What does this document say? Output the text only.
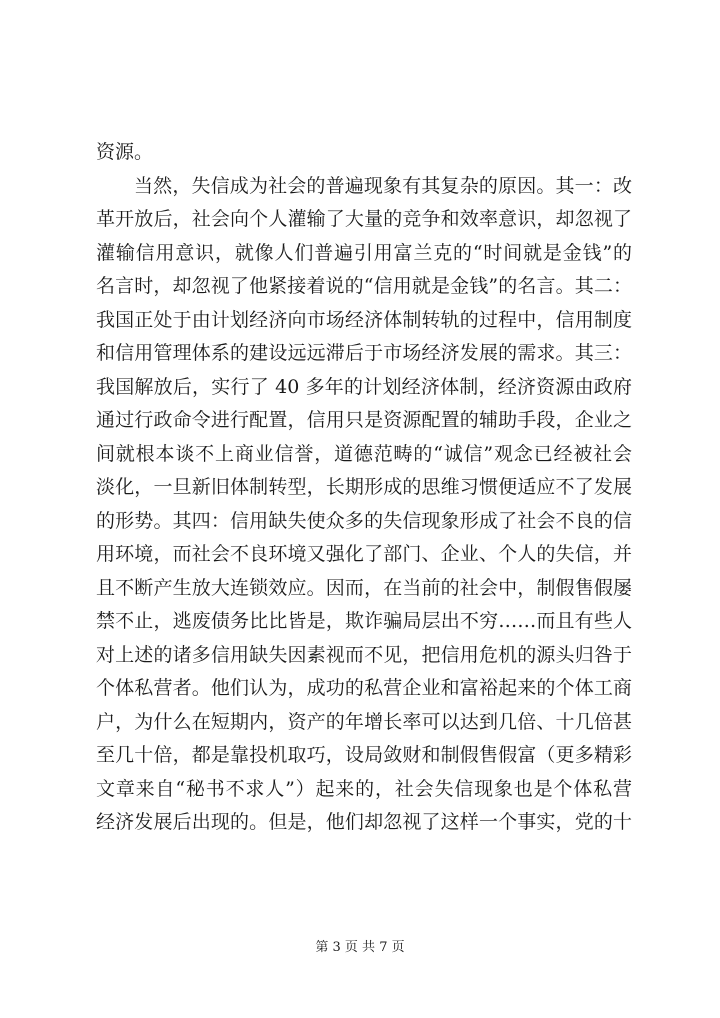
资源。
当然，失信成为社会的普遍现象有其复杂的原因。其一：改
革开放后，社会向个人灌输了大量的竞争和效率意识，却忽视了
灌输信用意识，就像人们普遍引用富兰克的“时间就是金钱”的
名言时，却忽视了他紧接着说的“信用就是金钱”的名言。其二：
我国正处于由计划经济向市场经济体制转轨的过程中，信用制度
和信用管理体系的建设远远滞后于市场经济发展的需求。其三：
我国解放后，实行了 40 多年的计划经济体制，经济资源由政府
通过行政命令进行配置，信用只是资源配置的辅助手段，企业之
间就根本谈不上商业信誉，道德范畴的“诚信”观念已经被社会
淡化，一旦新旧体制转型，长期形成的思维习惯便适应不了发展
的形势。其四：信用缺失使众多的失信现象形成了社会不良的信
用环境，而社会不良环境又强化了部门、企业、个人的失信，并
且不断产生放大连锁效应。因而，在当前的社会中，制假售假屡
禁不止，逃废债务比比皆是，欺诈骗局层出不穷……而且有些人
对上述的诸多信用缺失因素视而不见，把信用危机的源头归咎于
个体私营者。他们认为，成功的私营企业和富裕起来的个体工商
户，为什么在短期内，资产的年增长率可以达到几倍、十几倍甚
至几十倍，都是靠投机取巧，设局敛财和制假售假富（更多精彩
文章来自“秘书不求人”）起来的，社会失信现象也是个体私营
经济发展后出现的。但是，他们却忽视了这样一个事实，党的十
第 3 页 共 7 页
